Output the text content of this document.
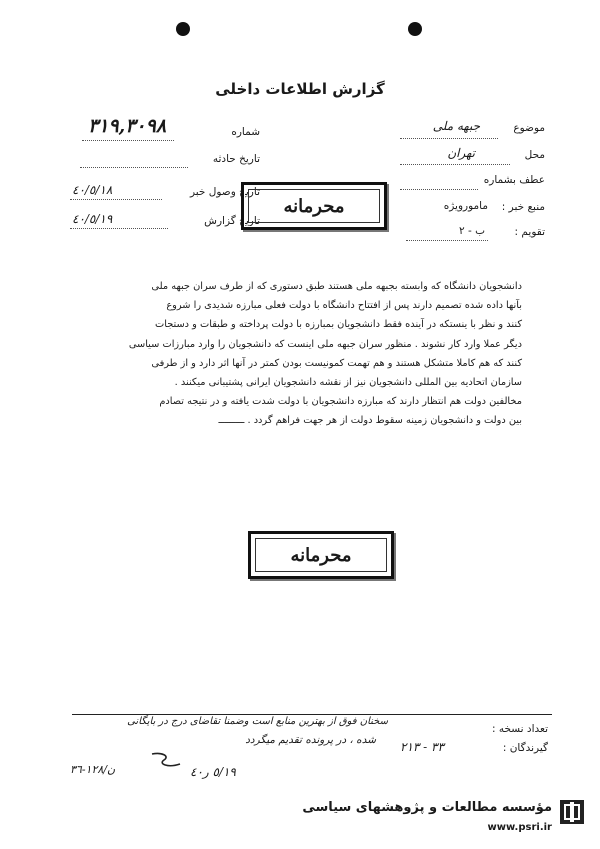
گزارش اطلاعات داخلی
موضوع
جبهه ملی
محل
تهران
عطف بشماره
منبع خبر :
مامورویژه
تقویم :
ب - ٢
شماره
٣١٩,٣٠٩٨
تاریخ حادثه
تاریخ وصول خبر
٤٠/٥/١٨
تاریخ گزارش
٤٠/٥/١٩
محرمانه

دانشجویان دانشگاه که وابسته بجبهه ملی هستند طبق دستوری که از طرف سران جبهه ملی

بآنها داده شده تصمیم دارند پس از افتتاح دانشگاه با دولت فعلی مبارزه شدیدی را شروع

کنند و نظر با ینستکه در آینده فقط دانشجویان بمبارزه با دولت پرداخته و طبقات و دستجات

دیگر عملا وارد کار نشوند . منظور سران جبهه ملی اینست که دانشجویان را وارد مبارزات سیاسی

کنند که هم کاملا متشکل هستند و هم تهمت کمونیست بودن کمتر در آنها اثر دارد و از طرفی

سازمان اتحادیه بین المللی دانشجویان نیز از نقشه دانشجویان ایرانی پشتیبانی میکنند .

مخالفین دولت هم انتظار دارند که مبارزه دانشجویان با دولت شدت یافته و در نتیجه تصادم

بین دولت و دانشجویان زمینه سقوط دولت از هر جهت فراهم گردد . ـــــــــ

محرمانه
تعداد نسخه :
گیرندگان :
٣٣ - ٢١٣
سخنان فوق از بهترین منابع است وضمنا تقاضای درج در بایگانی
شده ، در پرونده تقدیم میگردد
٥/١٩ ر٤٠
ن/١٢٨-٣٦
مؤسسه مطالعات و پژوهشهای سیاسی
www.psri.ir
